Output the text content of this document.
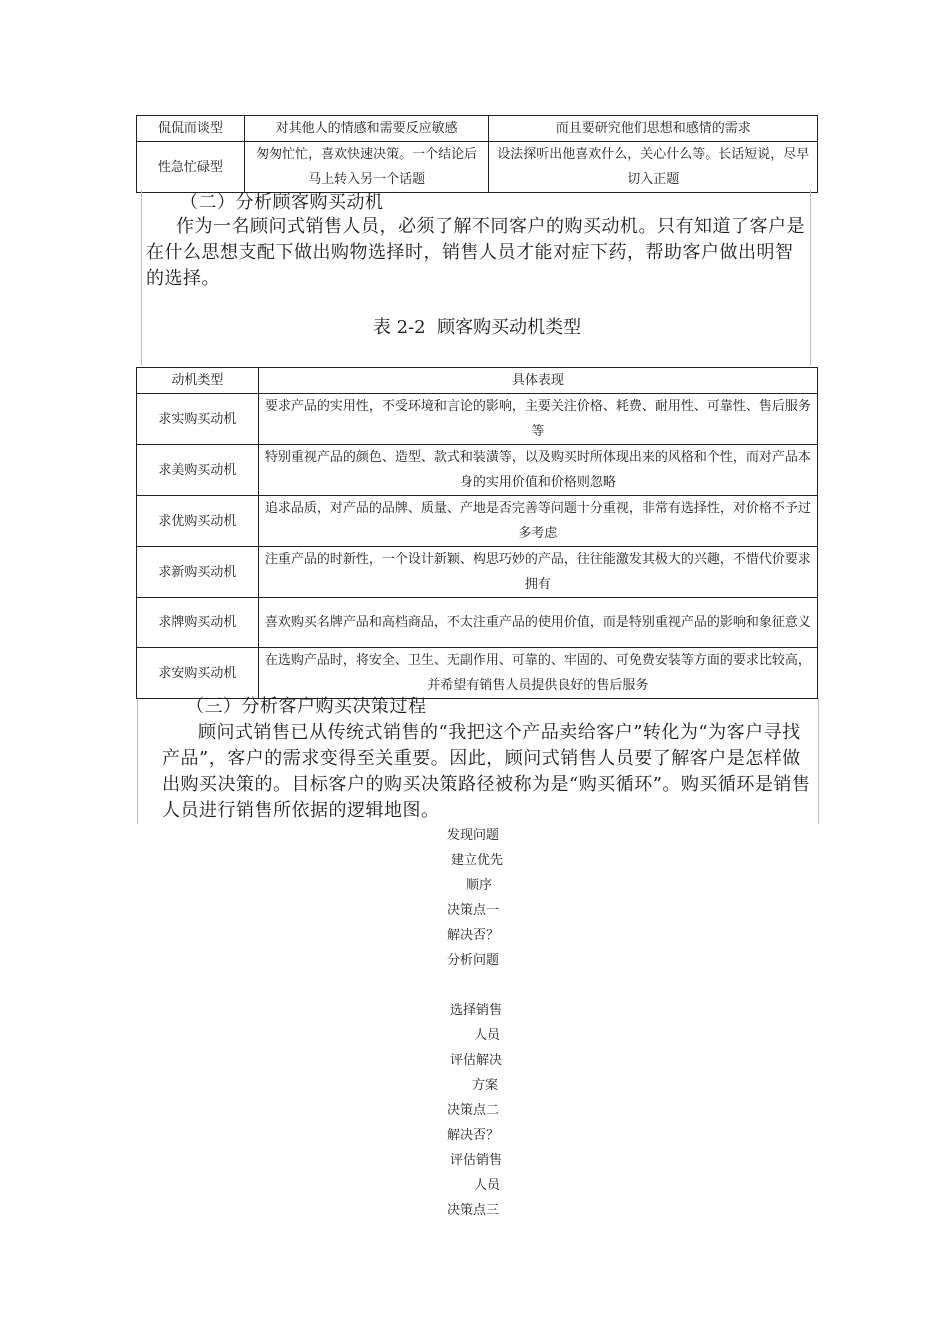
侃侃而谈型	对其他人的情感和需要反应敏感	而且要研究他们思想和感情的需求
性急忙碌型	匆匆忙忙，喜欢快速决策。一个结论后马上转入另一个话题	设法探听出他喜欢什么，关心什么等。长话短说，尽早切入正题
（二）分析顾客购买动机
作为一名顾问式销售人员，必须了解不同客户的购买动机。只有知道了客户是在什么思想支配下做出购物选择时，销售人员才能对症下药，帮助客户做出明智的选择。
表 2-2  顾客购买动机类型
动机类型	具体表现
求实购买动机	要求产品的实用性，不受环境和言论的影响，主要关注价格、耗费、耐用性、可靠性、售后服务等
求美购买动机	特别重视产品的颜色、造型、款式和装潢等，以及购买时所体现出来的风格和个性，而对产品本身的实用价值和价格则忽略
求优购买动机	追求品质，对产品的品牌、质量、产地是否完善等问题十分重视，非常有选择性，对价格不予过多考虑
求新购买动机	注重产品的时新性，一个设计新颖、构思巧妙的产品，往往能激发其极大的兴趣，不惜代价要求拥有
求牌购买动机	喜欢购买名牌产品和高档商品，不太注重产品的使用价值，而是特别重视产品的影响和象征意义
求安购买动机	在选购产品时，将安全、卫生、无副作用、可靠的、牢固的、可免费安装等方面的要求比较高，并希望有销售人员提供良好的售后服务
（三）分析客户购买决策过程
顾问式销售已从传统式销售的“我把这个产品卖给客户”转化为“为客户寻找产品”，客户的需求变得至关重要。因此，顾问式销售人员要了解客户是怎样做出购买决策的。目标客户的购买决策路径被称为是“购买循环”。购买循环是销售人员进行销售所依据的逻辑地图。
发现问题
建立优先
顺序
决策点一
解决否？
分析问题
选择销售
人员
评估解决
方案
决策点二
解决否？
评估销售
人员
决策点三
